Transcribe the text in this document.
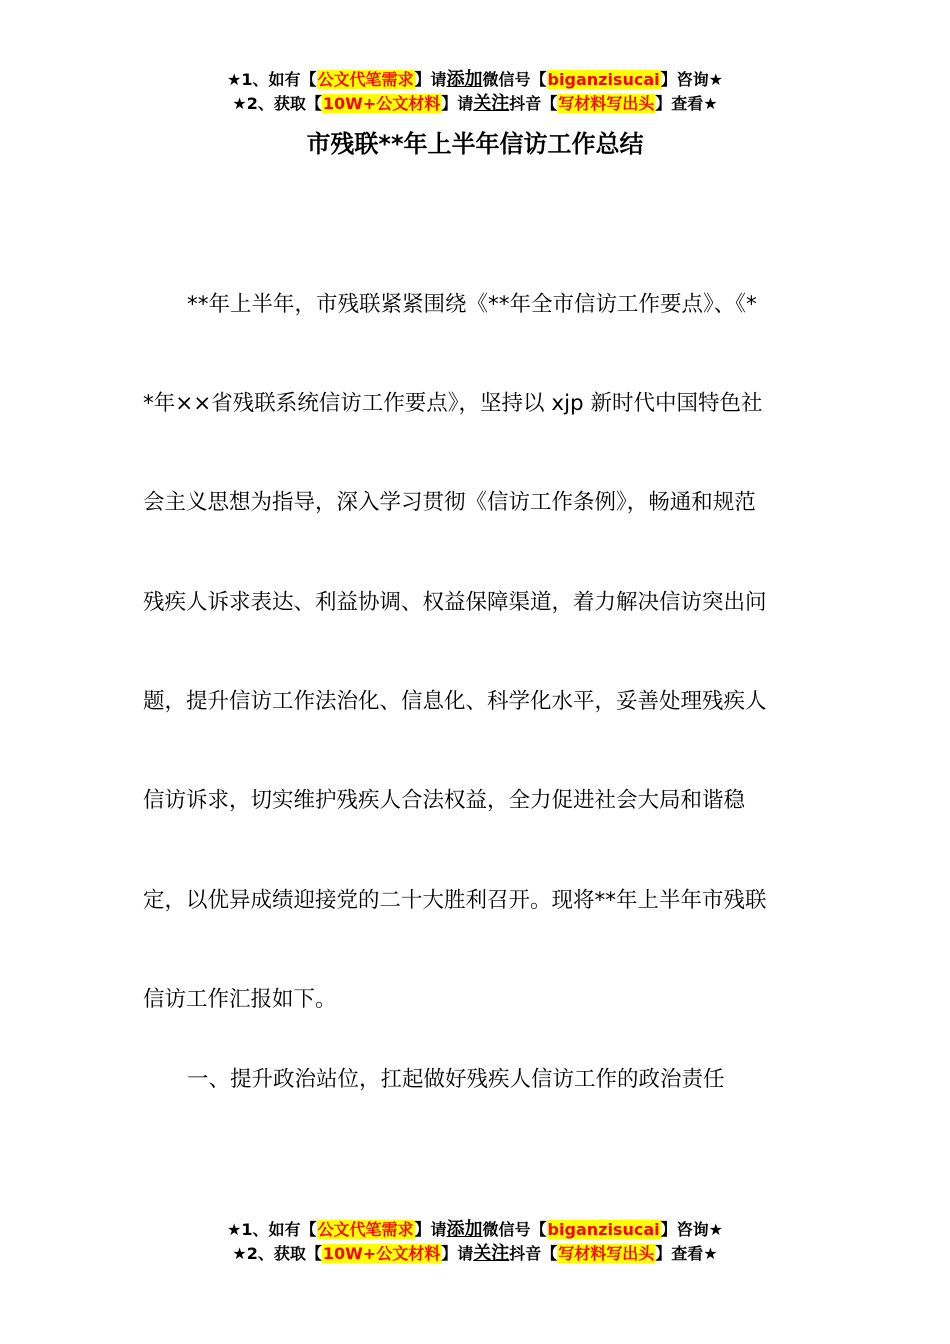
★1、如有【公文代笔需求】请添加微信号【biganzisucai】咨询★
★2、获取【10W+公文材料】请关注抖音【写材料写出头】查看★
市残联**年上半年信访工作总结
**年上半年，市残联紧紧围绕《**年全市信访工作要点》、《*
*年××省残联系统信访工作要点》，坚持以 xjp 新时代中国特色社
会主义思想为指导，深入学习贯彻《信访工作条例》，畅通和规范
残疾人诉求表达、利益协调、权益保障渠道，着力解决信访突出问
题，提升信访工作法治化、信息化、科学化水平，妥善处理残疾人
信访诉求，切实维护残疾人合法权益，全力促进社会大局和谐稳
定，以优异成绩迎接党的二十大胜利召开。现将**年上半年市残联
信访工作汇报如下。
一、提升政治站位，扛起做好残疾人信访工作的政治责任
★1、如有【公文代笔需求】请添加微信号【biganzisucai】咨询★
★2、获取【10W+公文材料】请关注抖音【写材料写出头】查看★
